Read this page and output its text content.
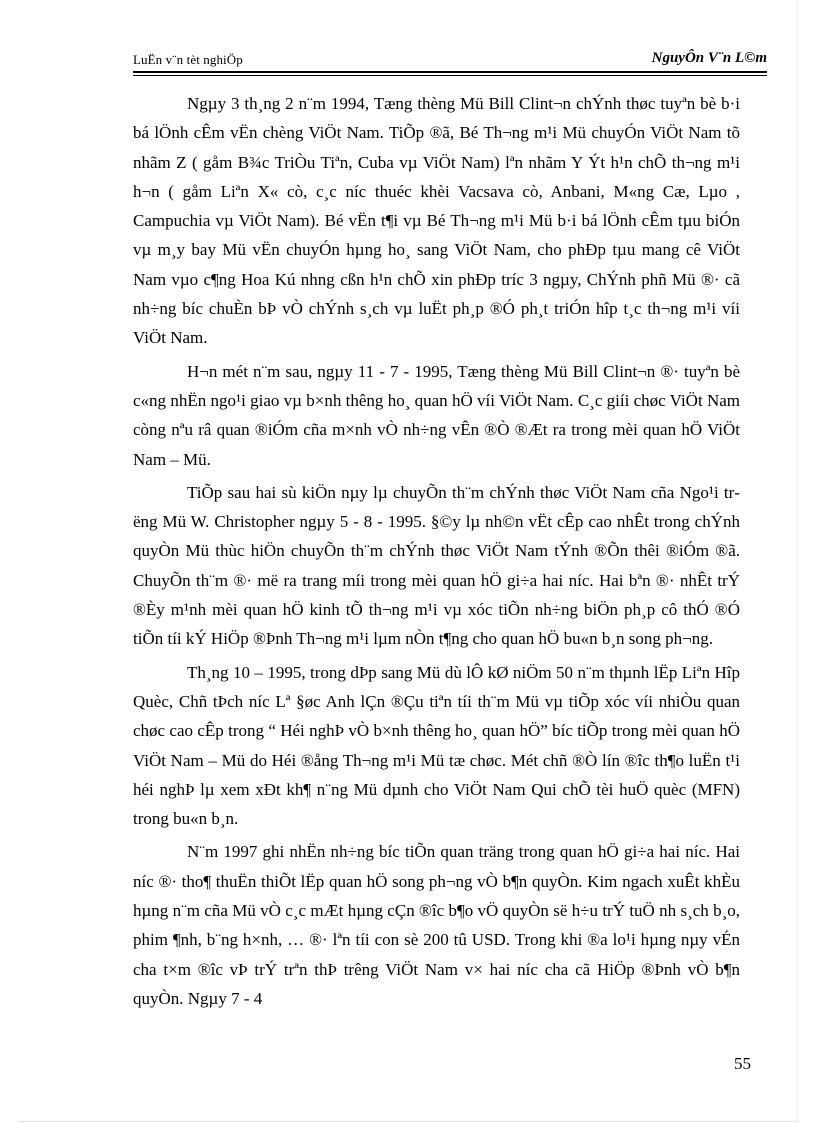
LuËn v¨n tèt nghiÖp	NguyÔn V¨n L©m

Ngµy 3 th¸ng 2 n¨m 1994, Tæng thèng Mü Bill Clint¬n chÝnh thøc tuyªn bè b·i bá lÖnh cÊm vËn chèng ViÖt Nam. TiÕp ®ã, Bé Th¬ng m¹i Mü chuyÓn ViÖt Nam tõ nhãm Z ( gåm B¾c TriÒu Tiªn, Cuba vµ ViÖt Nam) lªn nhãm Y Ýt h¹n chÕ th¬ng m¹i h¬n ( gåm Liªn X« cò, c¸c níc thuéc khèi Vacsava cò, Anbani, M«ng Cæ, Lµo , Campuchia vµ ViÖt Nam). Bé vËn t¶i vµ Bé Th¬ng m¹i Mü b·i bá lÖnh cÊm tµu biÓn vµ m¸y bay Mü vËn chuyÓn hµng ho¸ sang ViÖt Nam, cho phÐp tµu mang cê ViÖt Nam vµo c¶ng Hoa Kú nhng cßn h¹n chÕ xin phÐp tríc 3 ngµy, ChÝnh phñ Mü ®· cã nh÷ng bíc chuÈn bÞ vÒ chÝnh s¸ch vµ luËt ph¸p ®Ó ph¸t triÓn hîp t¸c th¬ng m¹i víi ViÖt Nam.

H¬n mét n¨m sau, ngµy 11 - 7 - 1995, Tæng thèng Mü Bill Clint¬n ®· tuyªn bè c«ng nhËn ngo¹i giao vµ b×nh thêng ho¸ quan hÖ víi ViÖt Nam. C¸c giíi chøc ViÖt Nam còng nªu râ quan ®iÓm cña m×nh vÒ nh÷ng vÊn ®Ò ®Æt ra trong mèi quan hÖ ViÖt Nam – Mü.

TiÕp sau hai sù kiÖn nµy lµ chuyÕn th¨m chÝnh thøc ViÖt Nam cña Ngo¹i trëng Mü W. Christopher ngµy 5 - 8 - 1995. §©y lµ nh©n vËt cÊp cao nhÊt trong chÝnh quyÒn Mü thùc hiÖn chuyÕn th¨m chÝnh thøc ViÖt Nam tÝnh ®Õn thêi ®iÓm ®ã. ChuyÕn th¨m ®· më ra trang míi trong mèi quan hÖ gi÷a hai níc. Hai bªn ®· nhÊt trÝ ®Èy m¹nh mèi quan hÖ kinh tÕ th¬ng m¹i vµ xóc tiÕn nh÷ng biÖn ph¸p cô thÓ ®Ó tiÕn tíi kÝ HiÖp ®Þnh Th¬ng m¹i lµm nÒn t¶ng cho quan hÖ bu«n b¸n song ph¬ng.

Th¸ng 10 – 1995, trong dÞp sang Mü dù lÔ kØ niÖm 50 n¨m thµnh lËp Liªn Hîp Quèc, Chñ tÞch níc Lª §øc Anh lÇn ®Çu tiªn tíi th¨m Mü vµ tiÕp xóc víi nhiÒu quan chøc cao cÊp trong “ Héi nghÞ vÒ b×nh thêng ho¸ quan hÖ” bíc tiÕp trong mèi quan hÖ ViÖt Nam – Mü do Héi ®ång Th¬ng m¹i Mü tæ chøc. Mét chñ ®Ò lín ®îc th¶o luËn t¹i héi nghÞ lµ xem xÐt kh¶ n¨ng Mü dµnh cho ViÖt Nam Qui chÕ tèi huÖ quèc (MFN) trong bu«n b¸n.

N¨m 1997 ghi nhËn nh÷ng bíc tiÕn quan träng trong quan hÖ gi÷a hai níc. Hai níc ®· tho¶ thuËn thiÕt lËp quan hÖ song ph¬ng vÒ b¶n quyÒn. Kim ngach xuÊt khÈu hµng n¨m cña Mü vÒ c¸c mÆt hµng cÇn ®îc b¶o vÖ quyÒn së h÷u trÝ tuÖ nh s¸ch b¸o, phim ¶nh, b¨ng h×nh, … ®· lªn tíi con sè 200 tû USD. Trong khi ®a lo¹i hµng nµy vÉn cha t×m ®îc vÞ trÝ trªn thÞ trêng ViÖt Nam v× hai níc cha cã HiÖp ®Þnh vÒ b¶n quyÒn. Ngµy 7 - 4

55
